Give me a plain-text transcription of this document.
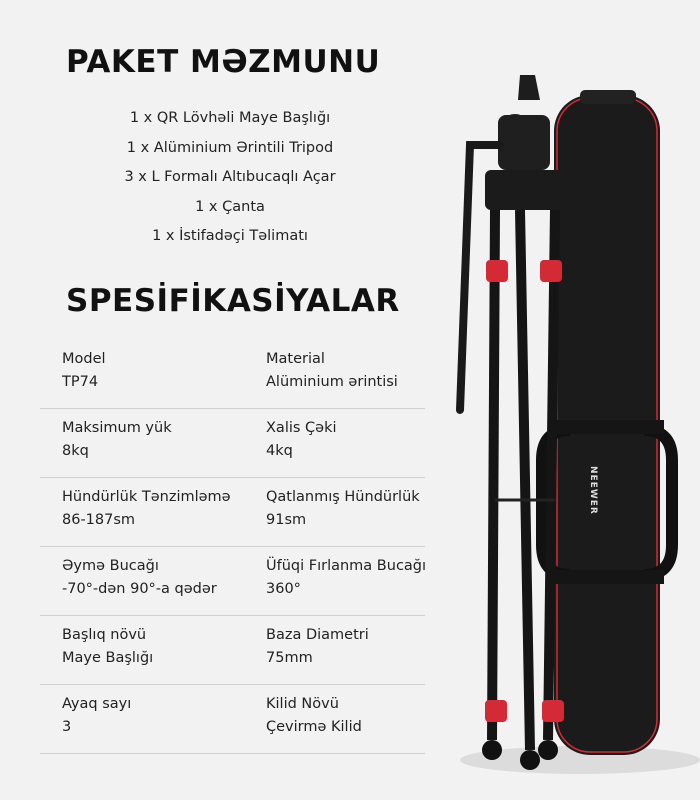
PAKET MƏZMUNU
1 x QR Lövhəli Maye Başlığı
1 x Alüminium Ərintili Tripod
3 x L Formalı Altıbucaqlı Açar
1 x Çanta
1 x İstifadəçi Təlimatı
SPESİFİKASİYALAR
Model
TP74
Material
Alüminium ərintisi
Maksimum yük
8kq
Xalis Çəki
4kq
Hündürlük Tənzimləmə
86-187sm
Qatlanmış Hündürlük
91sm
Əymə Bucağı
-70°-dən 90°-a qədər
Üfüqi Fırlanma Bucağı
360°
Başlıq növü
Maye Başlığı
Baza Diametri
75mm
Ayaq sayı
3
Kilid Növü
Çevirmə Kilid
NEEWER
